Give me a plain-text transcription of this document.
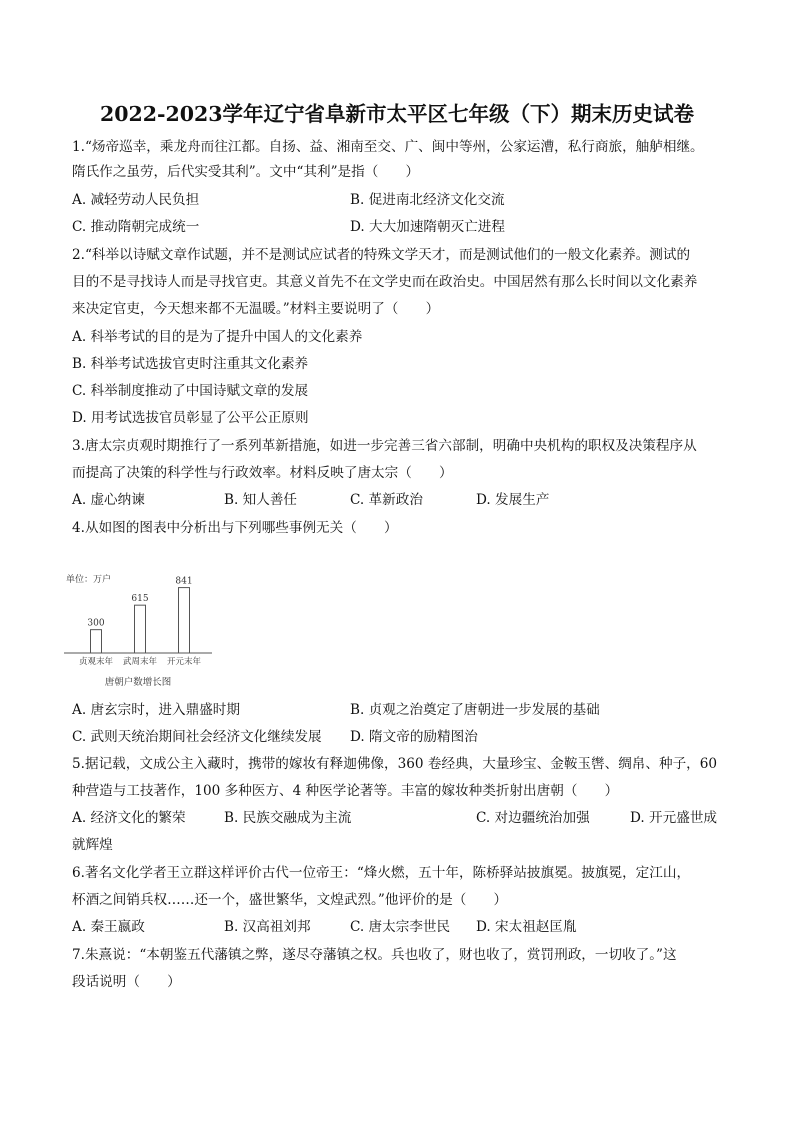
2022-2023学年辽宁省阜新市太平区七年级（下）期末历史试卷
1.“炀帝巡幸，乘龙舟而往江都。自扬、益、湘南至交、广、闽中等州，公家运漕，私行商旅，舳舻相继。
隋氏作之虽劳，后代实受其利”。文中“其利”是指（　　）
A. 减轻劳动人民负担	B. 促进南北经济文化交流
C. 推动隋朝完成统一	D. 大大加速隋朝灭亡进程
2.“科举以诗赋文章作试题，并不是测试应试者的特殊文学天才，而是测试他们的一般文化素养。测试的
目的不是寻找诗人而是寻找官吏。其意义首先不在文学史而在政治史。中国居然有那么长时间以文化素养
来决定官吏，今天想来都不无温暖。”材料主要说明了（　　）
A. 科举考试的目的是为了提升中国人的文化素养
B. 科举考试选拔官吏时注重其文化素养
C. 科举制度推动了中国诗赋文章的发展
D. 用考试选拔官员彰显了公平公正原则
3.唐太宗贞观时期推行了一系列革新措施，如进一步完善三省六部制，明确中央机构的职权及决策程序从
而提高了决策的科学性与行政效率。材料反映了唐太宗（　　）
A. 虚心纳谏	B. 知人善任	C. 革新政治	D. 发展生产
4.从如图的图表中分析出与下列哪些事例无关（　　）
单位：万户
300
贞观末年
615
武周末年
841
开元末年
唐朝户数增长图
A. 唐玄宗时，进入鼎盛时期	B. 贞观之治奠定了唐朝进一步发展的基础
C. 武则天统治期间社会经济文化继续发展 D. 隋文帝的励精图治
5.据记载，文成公主入藏时，携带的嫁妆有释迦佛像，360 卷经典，大量珍宝、金鞍玉辔、绸帛、种子，60
种营造与工技著作，100 多种医方、4 种医学论著等。丰富的嫁妆种类折射出唐朝（　　）
A. 经济文化的繁荣	B. 民族交融成为主流	C. 对边疆统治加强	D. 开元盛世成
就辉煌
6.著名文化学者王立群这样评价古代一位帝王：“烽火燃，五十年，陈桥驿站披旗冕。披旗冕，定江山，
杯酒之间销兵权……还一个，盛世繁华，文煌武烈。”他评价的是（　　）
A. 秦王嬴政	B. 汉高祖刘邦	C. 唐太宗李世民 D. 宋太祖赵匡胤
7.朱熹说：“本朝鉴五代藩镇之弊，遂尽夺藩镇之权。兵也收了，财也收了，赏罚刑政，一切收了。”这
段话说明（　　）
